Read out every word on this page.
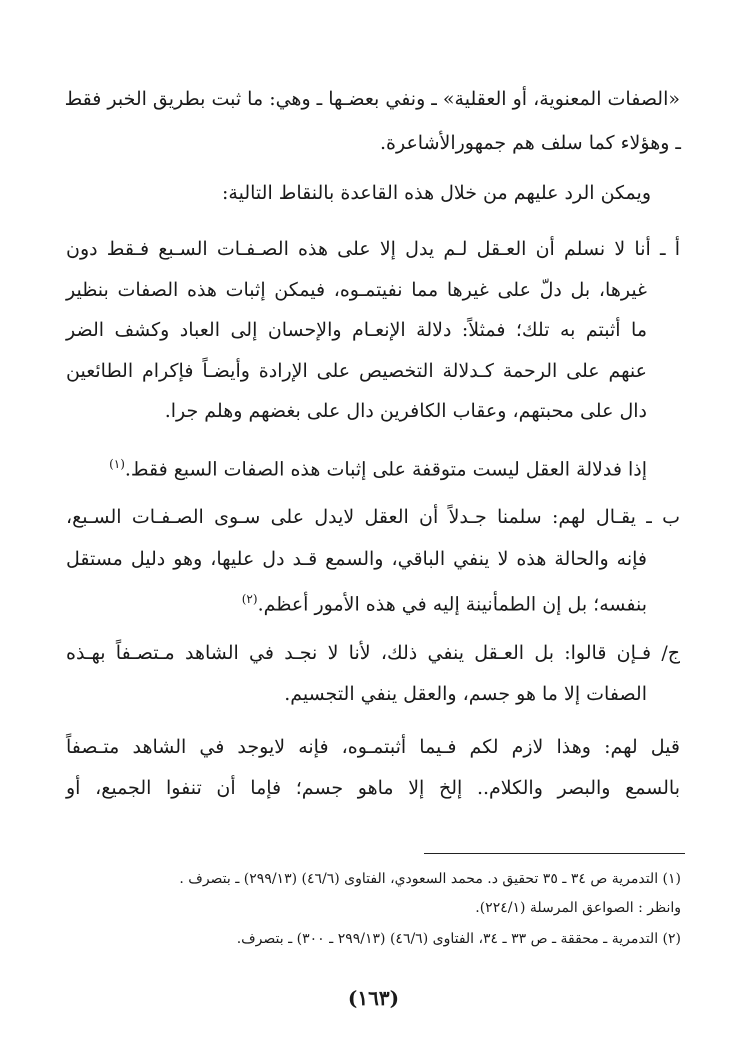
«الصفات المعنوية، أو العقلية» ـ ونفي بعضـها ـ وهي: ما ثبت بطريق الخبر فقط

ـ وهؤلاء كما سلف هم جمهورالأشاعرة.

ويمكن الرد عليهم من خلال هذه القاعدة بالنقاط التالية:

أ ـ أنا لا نسلم أن العـقل لـم يدل إلا على هذه الصـفـات السـبع فـقط دون

غيرها، بل دلّ على غيرها مما نفيتمـوه، فيمكن إثبات هذه الصفات بنظير

ما أثبتم به تلك؛ فمثلاً: دلالة الإنعـام والإحسان إلى العباد وكشف الضر

عنهم على الرحمة كـدلالة التخصيص على الإرادة وأيضـاً فإكرام الطائعين

دال على محبتهم، وعقاب الكافرين دال على بغضهم وهلم جرا.

إذا فدلالة العقل ليست متوقفة على إثبات هذه الصفات السبع فقط.$^{(١)}$

ب ـ يقـال لهم: سلمنا جـدلاً أن العقل لايدل على سـوى الصـفـات السـبع،

فإنه والحالة هذه لا ينفي الباقي، والسمع قـد دل عليها، وهو دليل مستقل

بنفسه؛ بل إن الطمأنينة إليه في هذه الأمور أعظم.$^{(٢)}$

ج/ فـإن قالوا: بل العـقل ينفي ذلك، لأنا لا نجـد في الشاهد مـتصـفاً بهـذه

الصفات إلا ما هو جسم، والعقل ينفي التجسيم.

قيل لهم: وهذا لازم لكم فـيما أثبتمـوه، فإنه لايوجد في الشاهد متـصفاً

بالسمع والبصر والكلام.. إلخ إلا ماهو جسم؛ فإما أن تنفوا الجميع، أو

(١) التدمرية ص ٣٤ ـ ٣٥ تحقيق د. محمد السعودي، الفتاوى (٤٦/٦) (٢٩٩/١٣) ـ بتصرف .

وانظر : الصواعق المرسلة (٢٢٤/١).

(٢) التدمرية ـ محققة ـ ص ٣٣ ـ ٣٤، الفتاوى (٤٦/٦) (٢٩٩/١٣ ـ ٣٠٠) ـ بتصرف.

(١٦٣)
